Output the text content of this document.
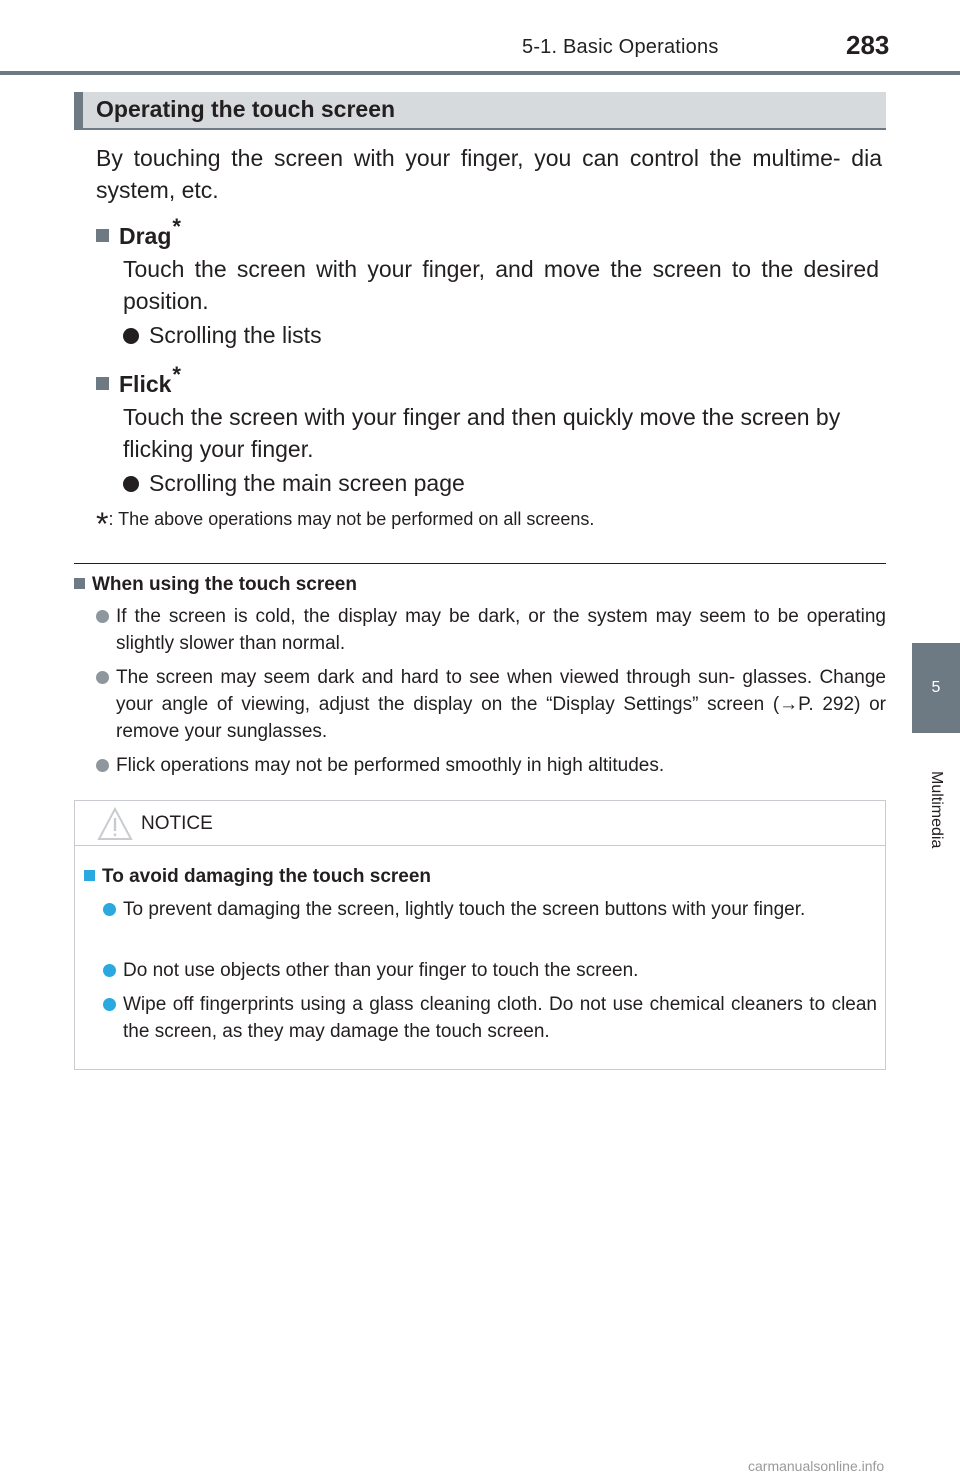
5-1. Basic Operations	283
5
Multimedia
Operating the touch screen
By touching the screen with your finger, you can control the multime- dia system, etc.
Drag*
Touch the screen with your finger, and move the screen to the desired position.
Scrolling the lists
Flick*
Touch the screen with your finger and then quickly move the screen by flicking your finger.
Scrolling the main screen page
*: The above operations may not be performed on all screens.
When using the touch screen
If the screen is cold, the display may be dark, or the system may seem to be operating slightly slower than normal.
The screen may seem dark and hard to see when viewed through sun- glasses. Change your angle of viewing, adjust the display on the “Display Settings” screen (→P. 292) or remove your sunglasses.
Flick operations may not be performed smoothly in high altitudes.
NOTICE
To avoid damaging the touch screen
To prevent damaging the screen, lightly touch the screen buttons with your finger.
Do not use objects other than your finger to touch the screen.
Wipe off fingerprints using a glass cleaning cloth. Do not use chemical cleaners to clean the screen, as they may damage the touch screen.
carmanualsonline.info
